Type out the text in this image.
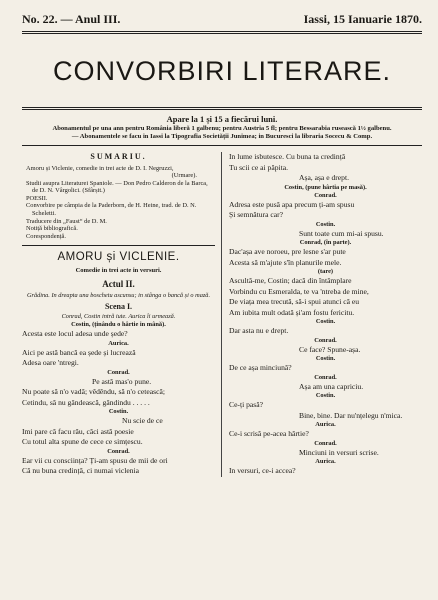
No. 22. — Anul III.	Iassi, 15 Ianuarie 1870.
CONVORBIRI LITERARE.
Apare la 1 și 15 a fiecărui luni.
Abonamentul pe una ann pentru România liberă 1 galbenu; pentru Austria 5 fl; pentru Bessarabia rusească 1½ galbenu.
— Abonamentele se facu in Iassi la Tipografia Societății Junimea; in Bucuresci la libraria Socecu & Comp.
SUMARIU.
Amoru și Viclenie, comedie in trei acte de D. I. Negruzzi,
(Urmare).
Studii asupra Literaturei Spaniole. — Don Pedro Calderon de la Barca, de D. N. Vârgolici. (Sfârșit.)
POESII.
Convorbire pe câmpia de la Paderborn, de H. Heine, trad. de D. N. Scheletti.
Traducere din „Faust“ de D. M.
Notiță bibliografică.
Corespondență.
AMORU și VICLENIE.
Comedie in trei acte in versuri.
Actul II.
Grădina. In dreapta una boschetu ascunsu; in stânga o bancă și o mază.
Scena I.
Conrad, Costin intră iute. Aurica îi urmează.
Costin, (ținându o hârtie in mână).
Acesta este locul adesa unde șede?
Aurica.
Aici pe astă bancă ea șede și lucrează
Adesa oare 'ntregi.
Conrad.
Pe astă mas'o pune.
Nu poate să n'o vadă; vêdêndu, să n'o cetească;
Cetindu, să nu gândească, gândindu . . . . .
Costin.
Nu scie de ce
Imi pare că facu rău, căci astă poesie
Cu totul alta spune de cece ce simțescu.
Conrad.
Ear vii cu consciința? Ți-am spusu de mii de ori
Că nu buna credință, ci numai viclenia
In lume isbutesce. Cu buna ta credință
Tu scii ce ai păpita.
Așa, așa e drept.
Costin, (pune hârtia pe masă).
Conrad.
Adresa este pusă apa precum ți-am spusu
Și semnătura car?
Costin.
Sunt toate cum mi-ai spusu.
Conrad, (în parte).
Dac'așa ave noroeu, pre lesne s'ar pute
Acesta să m'ajute s'în planurile mele.
(tare)
Ascultă-me, Costin; dacă din întâmplare
Vorbindu cu Esmeralda, te va 'ntreba de mine,
De viața mea trecută, să-i spui atunci că eu
Am iubita mult odată și'am fostu fericitu.
Costin.
Dar asta nu e drept.
Conrad.
Ce face? Spune-așa.
Costin.
De ce așa minciună?
Conrad.
Așa am una capriciu.
Costin.
Ce-ți pasă?
Bine, bine. Dar nu'nțelegu n'mica.
Aurica.
Ce-i scrisă pe-acea hârtie?
Conrad.
Minciuni in versuri scrise.
Aurica.
In versuri, ce-i accea?
